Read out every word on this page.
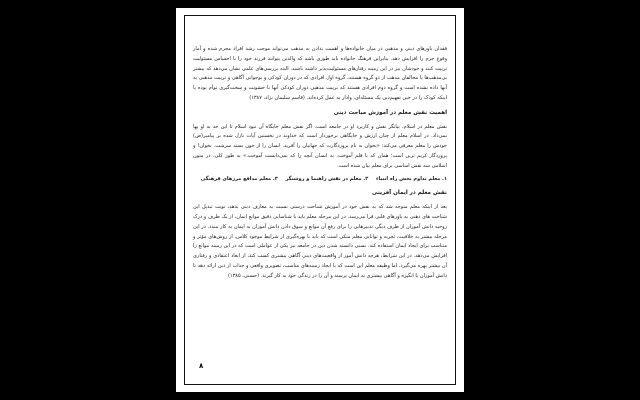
فقدان باورهای دینی و مذهبی در میان خانواده‌ها و اهمیت ندادن به مذهب می‌تواند موجب رشد افراد مجرم شده و آمار وقوع جرم را افزایش دهد. بنابراین فرهنگ خانواده باید طوری باشد که والدین بتوانند فرزند خود را با احساس مسئولیت تربیت کنند و خودشان نیز در این زمینه رفتارهای مسئولیت‌پذیر داشته باشند. البته بررسی‌های علمی نشان می‌دهد که بیشتر بی‌مذهب‌ها یا مخالفان مذهب از دو گروه هستند، گروه اول افرادی که در دوران کودکی و نوجوانی آگاهی و تربیت مذهبی به آنها داده نشده است و گروه دوم افرادی هستند که تربیت مذهبی دوران کودکی آنها با خشونت و سخت‌گیری توأم بوده یا اینکه کودک را در حین تفهیم‌دین یک مسئله‌ای، وادار به عمل کرده‌اند. (قاسم سلیمان نژاد، ۱۳۸۷)

اهمیت نقش معلم در آموزش مباحث دینی

نقش معلم در اسلام، بیانگر نقش و کاربرد او در جامعه است. اگر نقش معلم جایگاه آن نبود اسلام تا این حد به او بها نمی‌داد. در اسلام معلم از چنان ارزش و جایگاهی برخوردار است که خداوند در نخستین آیات نازل شده بر پیامبر(ص) خودش را معلم معرفی می‌کند: «بخوان به نام پروردگارت که جهانیان را آفرید. انسان را از خون بسته سرشت. بخوان! و پروردگار کریم ترین است؛ همان که با قلم آموخت. به انسان آنچه را که نمی‌دانست آموخت.» به طور کلی، در متون اسلامی سه نقش اساسی برای معلم بیان شده است.

۱. معلم تداوم بخش راه انبیاء ۲. معلم در نقش راهنما و روشنگر ۳. معلم مدافع مرزهای فرهنگی
نقش معلم در ایمان آفرینی

بعد از اینکه معلم متوجه شد که به نقش خود در آموزش شناخت درستی نسبت به معارف دینی بدهد، نوبت تبدیل این شناخت های ذهنی به باورهای قلبی فرا می‌رسد. در این مرحله معلم باید با شناسایی دقیق موانع ایمان، از یک طرف و درک روحیه دانش آموزان از طرف دیگر، تدبیرهایی را برای رفع آن موانع و سوق دادن دانش آموزان به ایمان به کار ببندد. در این مرحله بیشتر به خلاقیت، تجربه و توانایی معلم متکی است که باید با بهره‌گیری از شرایط موجود کلاس، از روش‌های مؤثر و متناسب برای ایجاد ایمان استفاده کند. نسبی دانسته شدن دین در جامعه نیز یکی از عواملی است که در این زمینه موانع را افزایش می‌دهد. در این شرایط، هرچه دانش آموز از واقعیت‌های دینی آگاهی بیشتری کسب کند، از ابعاد اعتقادی و رفتاری آن بیشتر بهره می‌گیرد. اما وظیفه معلم این است که با ایجاد زمینه‌های مناسب، تصویری واقعی و جذاب از دین ارائه دهد تا دانش آموزان با انگیزه و آگاهی بیشتری به ایمان برسند و آن را در زندگی خود به کار گیرند. (حسنی، ۱۳۸۵)

۸
